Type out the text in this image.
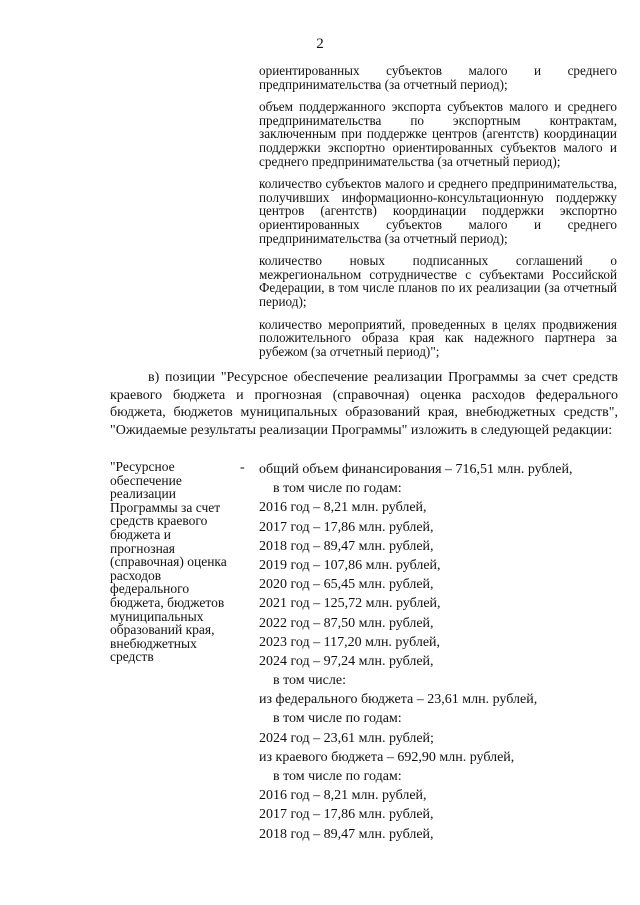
2

ориентированных субъектов малого и среднего предпринимательства (за отчетный период);

объем поддержанного экспорта субъектов малого и среднего предпринимательства по экспортным контрактам, заключенным при поддержке центров (агентств) координации поддержки экспортно ориентированных субъектов малого и среднего предпринимательства (за отчетный период);

количество субъектов малого и среднего предпринимательства, получивших информационно-консультационную поддержку центров (агентств) координации поддержки экспортно ориентированных субъектов малого и среднего предпринимательства (за отчетный период);

количество новых подписанных соглашений о межрегиональном сотрудничестве с субъектами Российской Федерации, в том числе планов по их реализации (за отчетный период);

количество мероприятий, проведенных в целях продвижения положительного образа края как надежного партнера за рубежом (за отчетный период)";

в) позиции "Ресурсное обеспечение реализации Программы за счет средств краевого бюджета и прогнозная (справочная) оценка расходов федерального бюджета, бюджетов муниципальных образований края, внебюджетных средств", "Ожидаемые результаты реализации Программы" изложить в следующей редакции:

"Ресурсное обеспечение реализации Программы за счет средств краевого бюджета и прогнозная (справочная) оценка расходов федерального бюджета, бюджетов муниципальных образований края, внебюджетных средств
- общий объем финансирования – 716,51 млн. рублей,
в том числе по годам:
2016 год – 8,21 млн. рублей,
2017 год – 17,86 млн. рублей,
2018 год – 89,47 млн. рублей,
2019 год – 107,86 млн. рублей,
2020 год – 65,45 млн. рублей,
2021 год – 125,72 млн. рублей,
2022 год – 87,50 млн. рублей,
2023 год – 117,20 млн. рублей,
2024 год – 97,24 млн. рублей,
в том числе:
из федерального бюджета – 23,61 млн. рублей,
в том числе по годам:
2024 год – 23,61 млн. рублей;
из краевого бюджета – 692,90 млн. рублей,
в том числе по годам:
2016 год – 8,21 млн. рублей,
2017 год – 17,86 млн. рублей,
2018 год – 89,47 млн. рублей,
